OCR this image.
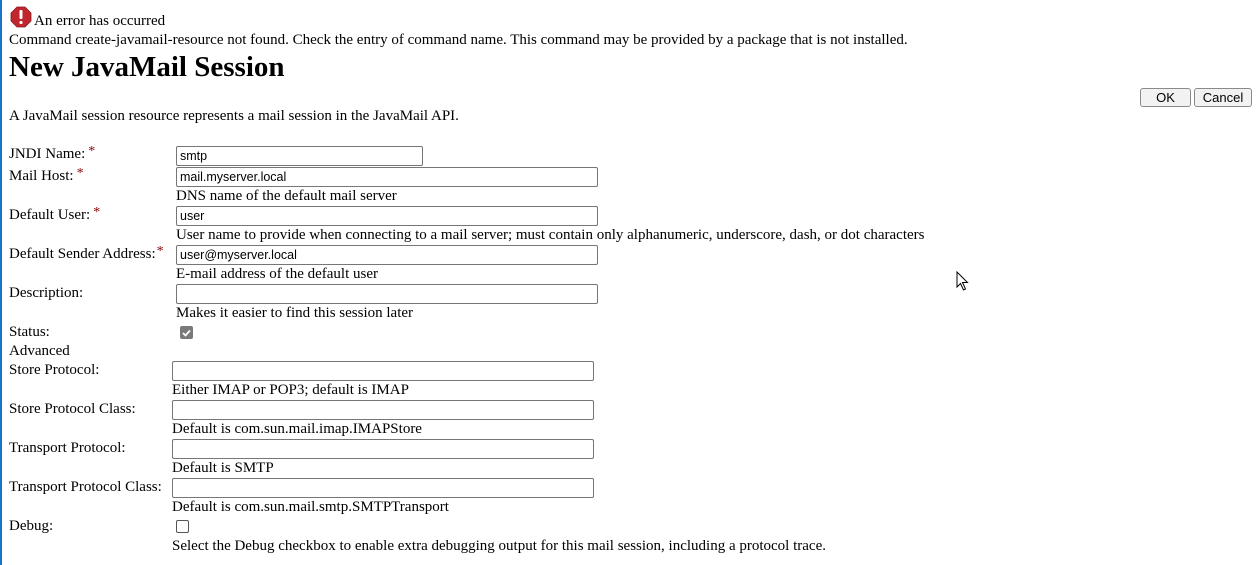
An error has occurred
Command create-javamail-resource not found. Check the entry of command name. This command may be provided by a package that is not installed.
New JavaMail Session
OK	Cancel
A JavaMail session resource represents a mail session in the JavaMail API.
JNDI Name: *
smtp
Mail Host: *
mail.myserver.local
DNS name of the default mail server
Default User: *
user
User name to provide when connecting to a mail server; must contain only alphanumeric, underscore, dash, or dot characters
Default Sender Address:*
user@myserver.local
E-mail address of the default user
Description:
Makes it easier to find this session later
Status:
Advanced
Store Protocol:
Either IMAP or POP3; default is IMAP
Store Protocol Class:
Default is com.sun.mail.imap.IMAPStore
Transport Protocol:
Default is SMTP
Transport Protocol Class:
Default is com.sun.mail.smtp.SMTPTransport
Debug:
Select the Debug checkbox to enable extra debugging output for this mail session, including a protocol trace.
